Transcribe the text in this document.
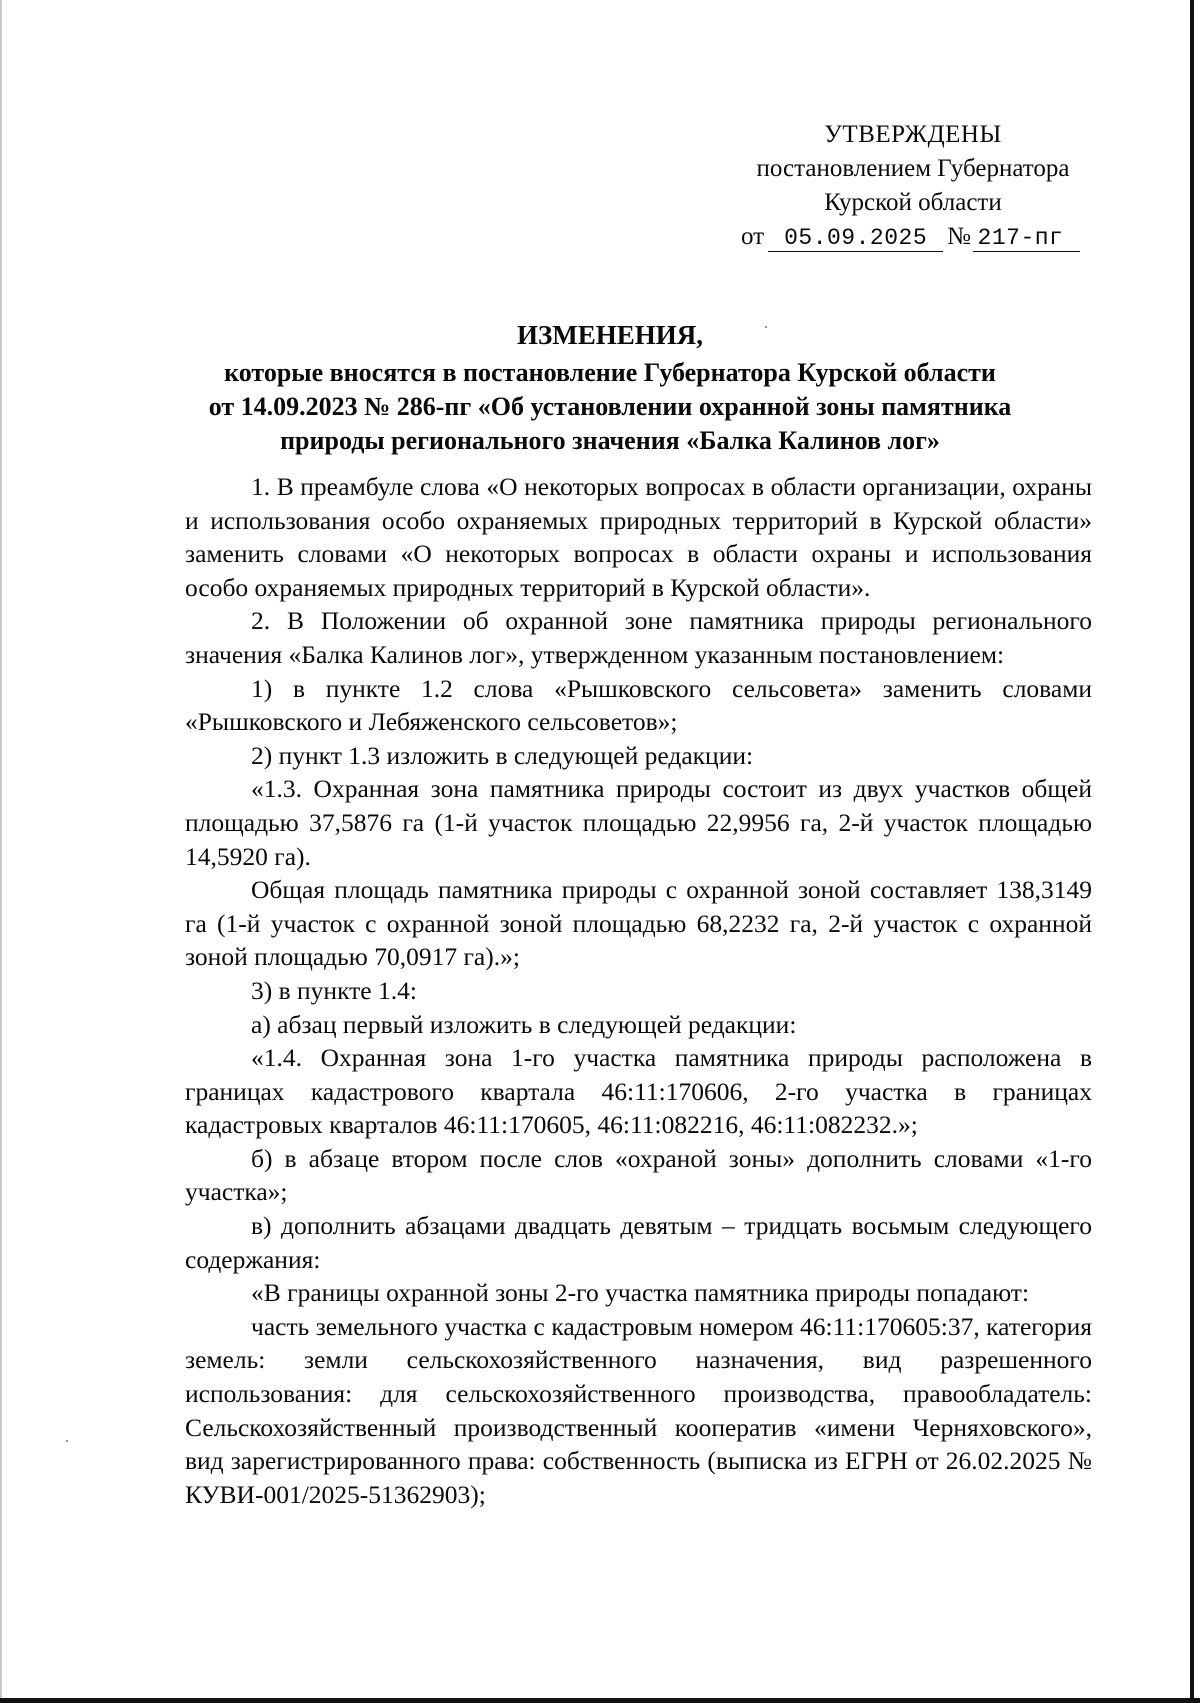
УТВЕРЖДЕНЫ
постановлением Губернатора
Курской области
от 05.09.2025 № 217-пг
ИЗМЕНЕНИЯ,
которые вносятся в постановление Губернатора Курской области
от 14.09.2023 № 286-пг «Об установлении охранной зоны памятника
природы регионального значения «Балка Калинов лог»

1. В преамбуле слова «О некоторых вопросах в области организации, охраны и использования особо охраняемых природных территорий в Курской области» заменить словами «О некоторых вопросах в области охраны и использования особо охраняемых природных территорий в Курской области».

2. В Положении об охранной зоне памятника природы регионального значения «Балка Калинов лог», утвержденном указанным постановлением:

1) в пункте 1.2 слова «Рышковского сельсовета» заменить словами «Рышковского и Лебяженского сельсоветов»;

2) пункт 1.3 изложить в следующей редакции:

«1.3. Охранная зона памятника природы состоит из двух участков общей площадью 37,5876 га (1-й участок площадью 22,9956 га, 2-й участок площадью 14,5920 га).

Общая площадь памятника природы с охранной зоной составляет 138,3149 га (1-й участок с охранной зоной площадью 68,2232 га, 2-й участок с охранной зоной площадью 70,0917 га).»;

3) в пункте 1.4:

а) абзац первый изложить в следующей редакции:

«1.4. Охранная зона 1-го участка памятника природы расположена в границах кадастрового квартала 46:11:170606, 2-го участка в границах кадастровых кварталов 46:11:170605, 46:11:082216, 46:11:082232.»;

б) в абзаце втором после слов «охраной зоны» дополнить словами «1-го участка»;

в) дополнить абзацами двадцать девятым – тридцать восьмым следующего содержания:

«В границы охранной зоны 2-го участка памятника природы попадают:

часть земельного участка с кадастровым номером 46:11:170605:37, категория земель: земли сельскохозяйственного назначения, вид разрешенного использования: для сельскохозяйственного производства, правообладатель: Сельскохозяйственный производственный кооператив «имени Черняховского», вид зарегистрированного права: собственность (выписка из ЕГРН от 26.02.2025 № КУВИ-001/2025-51362903);
